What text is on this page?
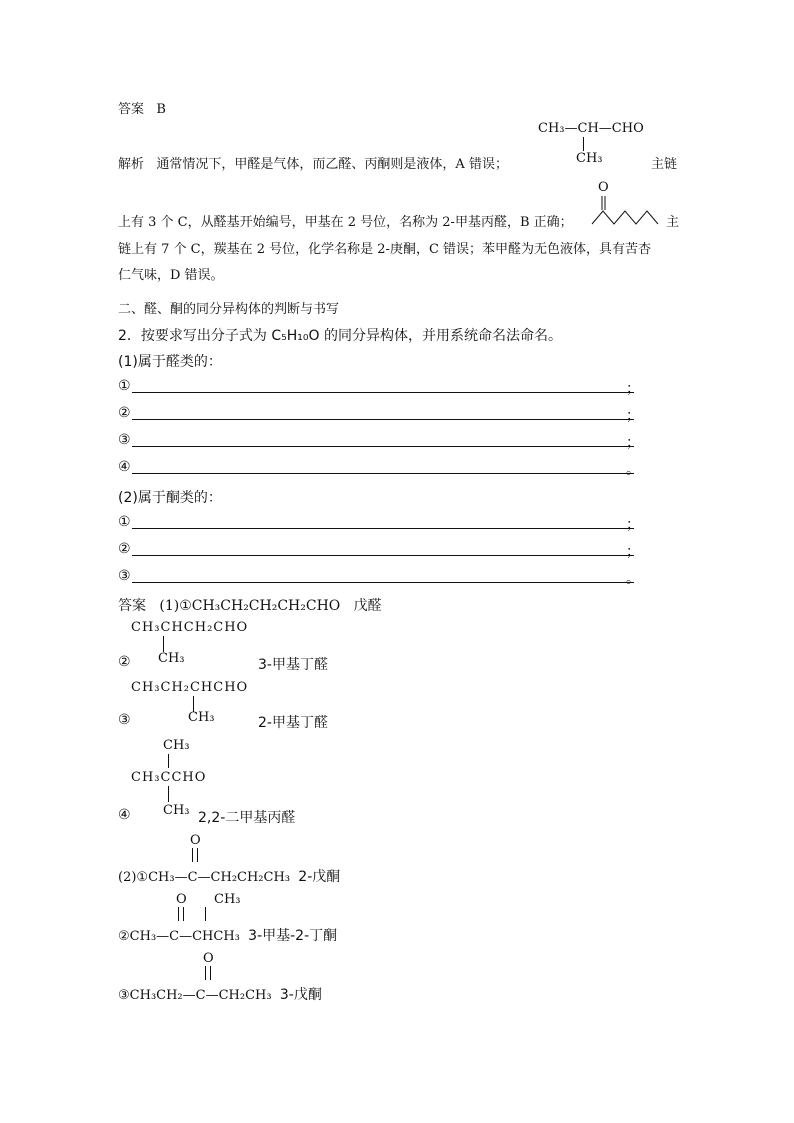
答案 B
CH₃—CH—CHO
CH₃
解析 通常情况下，甲醛是气体，而乙醛、丙酮则是液体，A 错误；	主链
O
上有 3 个 C，从醛基开始编号，甲基在 2 号位，名称为 2-甲基丙醛，B 正确；	主
链上有 7 个 C，羰基在 2 号位，化学名称是 2-庚酮，C 错误；苯甲醛为无色液体，具有苦杏
仁气味，D 错误。
二、醛、酮的同分异构体的判断与书写
2．按要求写出分子式为 C₅H₁₀O 的同分异构体，并用系统命名法命名。
(1)属于醛类的：
①	；
②	；
③	；
④	。
(2)属于酮类的：
①	；
②	；
③	。
答案 (1)①CH₃CH₂CH₂CH₂CHO 戊醛
CH₃CHCH₂CHO
② CH₃	3-甲基丁醛
CH₃CH₂CHCHO
③	CH₃	2-甲基丁醛
CH₃
CH₃CCHO
④ CH₃ 2,2-二甲基丙醛
O
(2)①CH₃—C—CH₂CH₂CH₃ 2-戊酮
O CH₃
②CH₃—C—CHCH₃ 3-甲基-2-丁酮
O
③CH₃CH₂—C—CH₂CH₃ 3-戊酮
